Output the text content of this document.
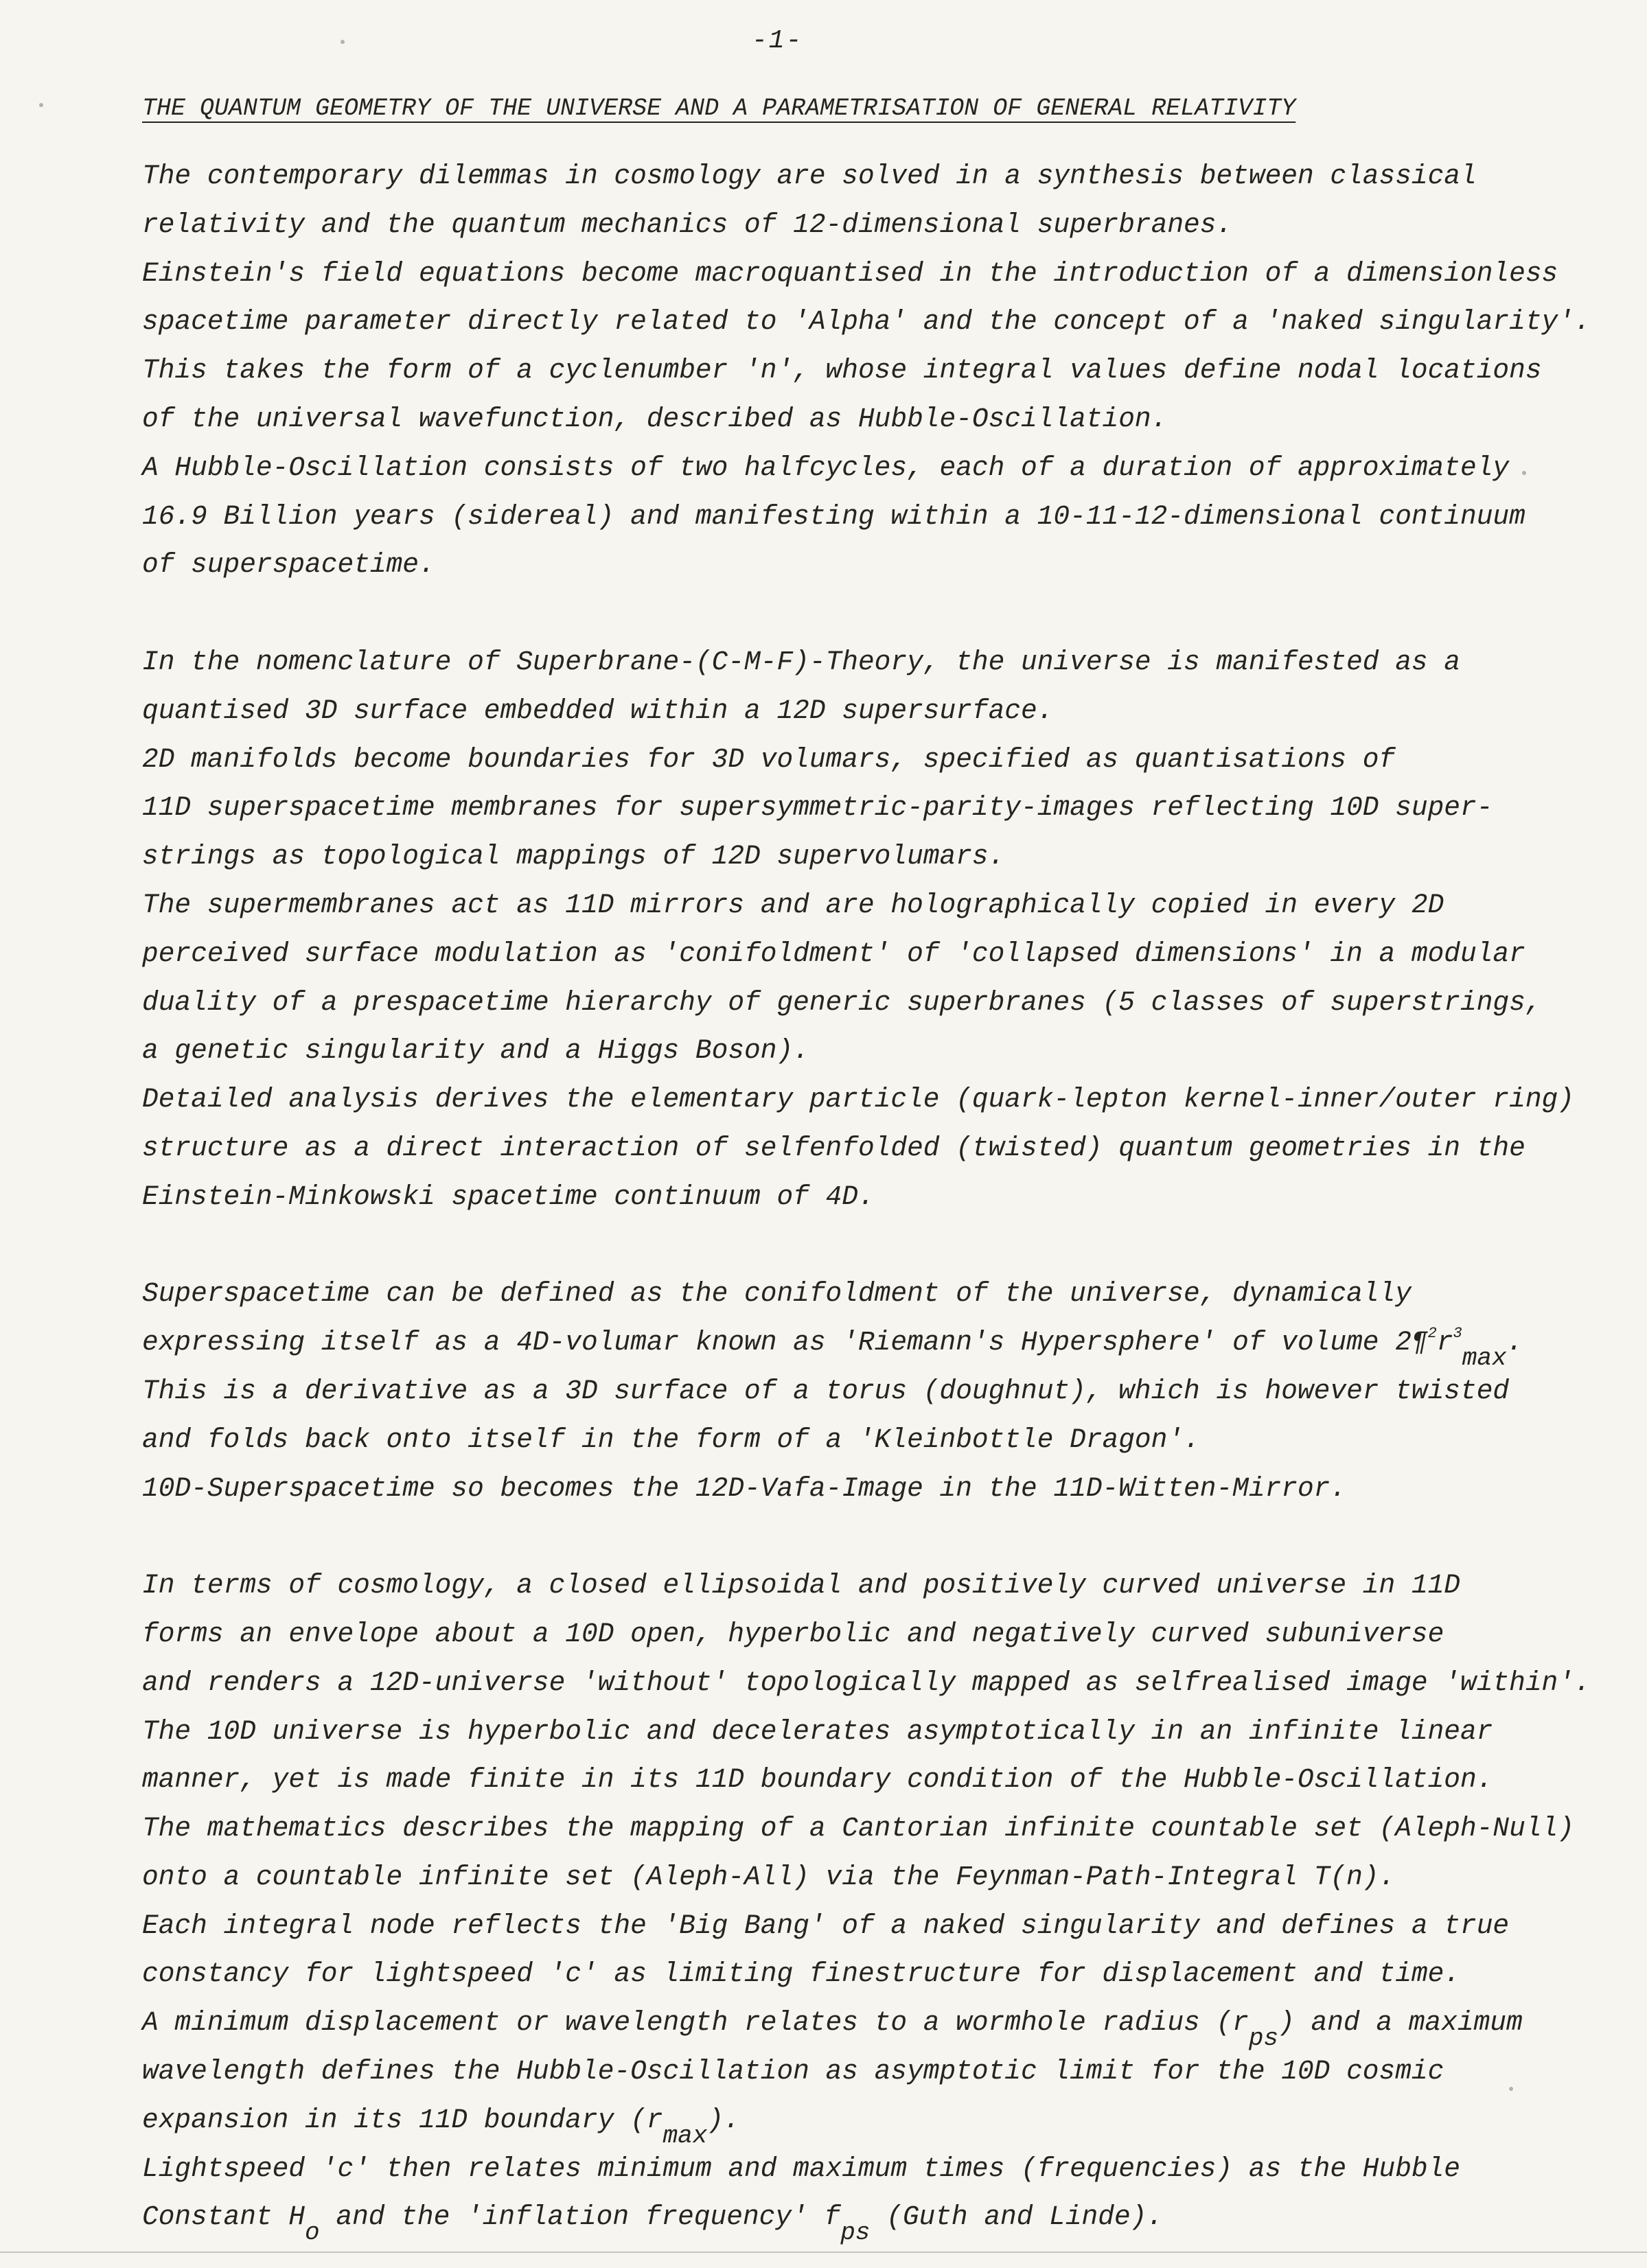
-1-
THE QUANTUM GEOMETRY OF THE UNIVERSE AND A PARAMETRISATION OF GENERAL RELATIVITY
The contemporary dilemmas in cosmology are solved in a synthesis between classical
relativity and the quantum mechanics of 12-dimensional superbranes.
Einstein's field equations become macroquantised in the introduction of a dimensionless
spacetime parameter directly related to 'Alpha' and the concept of a 'naked singularity'.
This takes the form of a cyclenumber 'n', whose integral values define nodal locations
of the universal wavefunction, described as Hubble-Oscillation.
A Hubble-Oscillation consists of two halfcycles, each of a duration of approximately
16.9 Billion years (sidereal) and manifesting within a 10-11-12-dimensional continuum
of superspacetime.
In the nomenclature of Superbrane-(C-M-F)-Theory, the universe is manifested as a
quantised 3D surface embedded within a 12D supersurface.
2D manifolds become boundaries for 3D volumars, specified as quantisations of
11D superspacetime membranes for supersymmetric-parity-images reflecting 10D super-
strings as topological mappings of 12D supervolumars.
The supermembranes act as 11D mirrors and are holographically copied in every 2D
perceived surface modulation as 'conifoldment' of 'collapsed dimensions' in a modular
duality of a prespacetime hierarchy of generic superbranes (5 classes of superstrings,
a genetic singularity and a Higgs Boson).
Detailed analysis derives the elementary particle (quark-lepton kernel-inner/outer ring)
structure as a direct interaction of selfenfolded (twisted) quantum geometries in the
Einstein-Minkowski spacetime continuum of 4D.
Superspacetime can be defined as the conifoldment of the universe, dynamically
expressing itself as a 4D-volumar known as 'Riemann's Hypersphere' of volume $2\P^2r^3_{max}$.
This is a derivative as a 3D surface of a torus (doughnut), which is however twisted
and folds back onto itself in the form of a 'Kleinbottle Dragon'.
10D-Superspacetime so becomes the 12D-Vafa-Image in the 11D-Witten-Mirror.
In terms of cosmology, a closed ellipsoidal and positively curved universe in 11D
forms an envelope about a 10D open, hyperbolic and negatively curved subuniverse
and renders a 12D-universe 'without' topologically mapped as selfrealised image 'within'.
The 10D universe is hyperbolic and decelerates asymptotically in an infinite linear
manner, yet is made finite in its 11D boundary condition of the Hubble-Oscillation.
The mathematics describes the mapping of a Cantorian infinite countable set (Aleph-Null)
onto a countable infinite set (Aleph-All) via the Feynman-Path-Integral T(n).
Each integral node reflects the 'Big Bang' of a naked singularity and defines a true
constancy for lightspeed 'c' as limiting finestructure for displacement and time.
A minimum displacement or wavelength relates to a wormhole radius $(r_{ps})$ and a maximum
wavelength defines the Hubble-Oscillation as asymptotic limit for the 10D cosmic
expansion in its 11D boundary $(r_{max})$.
Lightspeed 'c' then relates minimum and maximum times (frequencies) as the Hubble
Constant $H_o$ and the 'inflation frequency' $f_{ps}$ (Guth and Linde).
